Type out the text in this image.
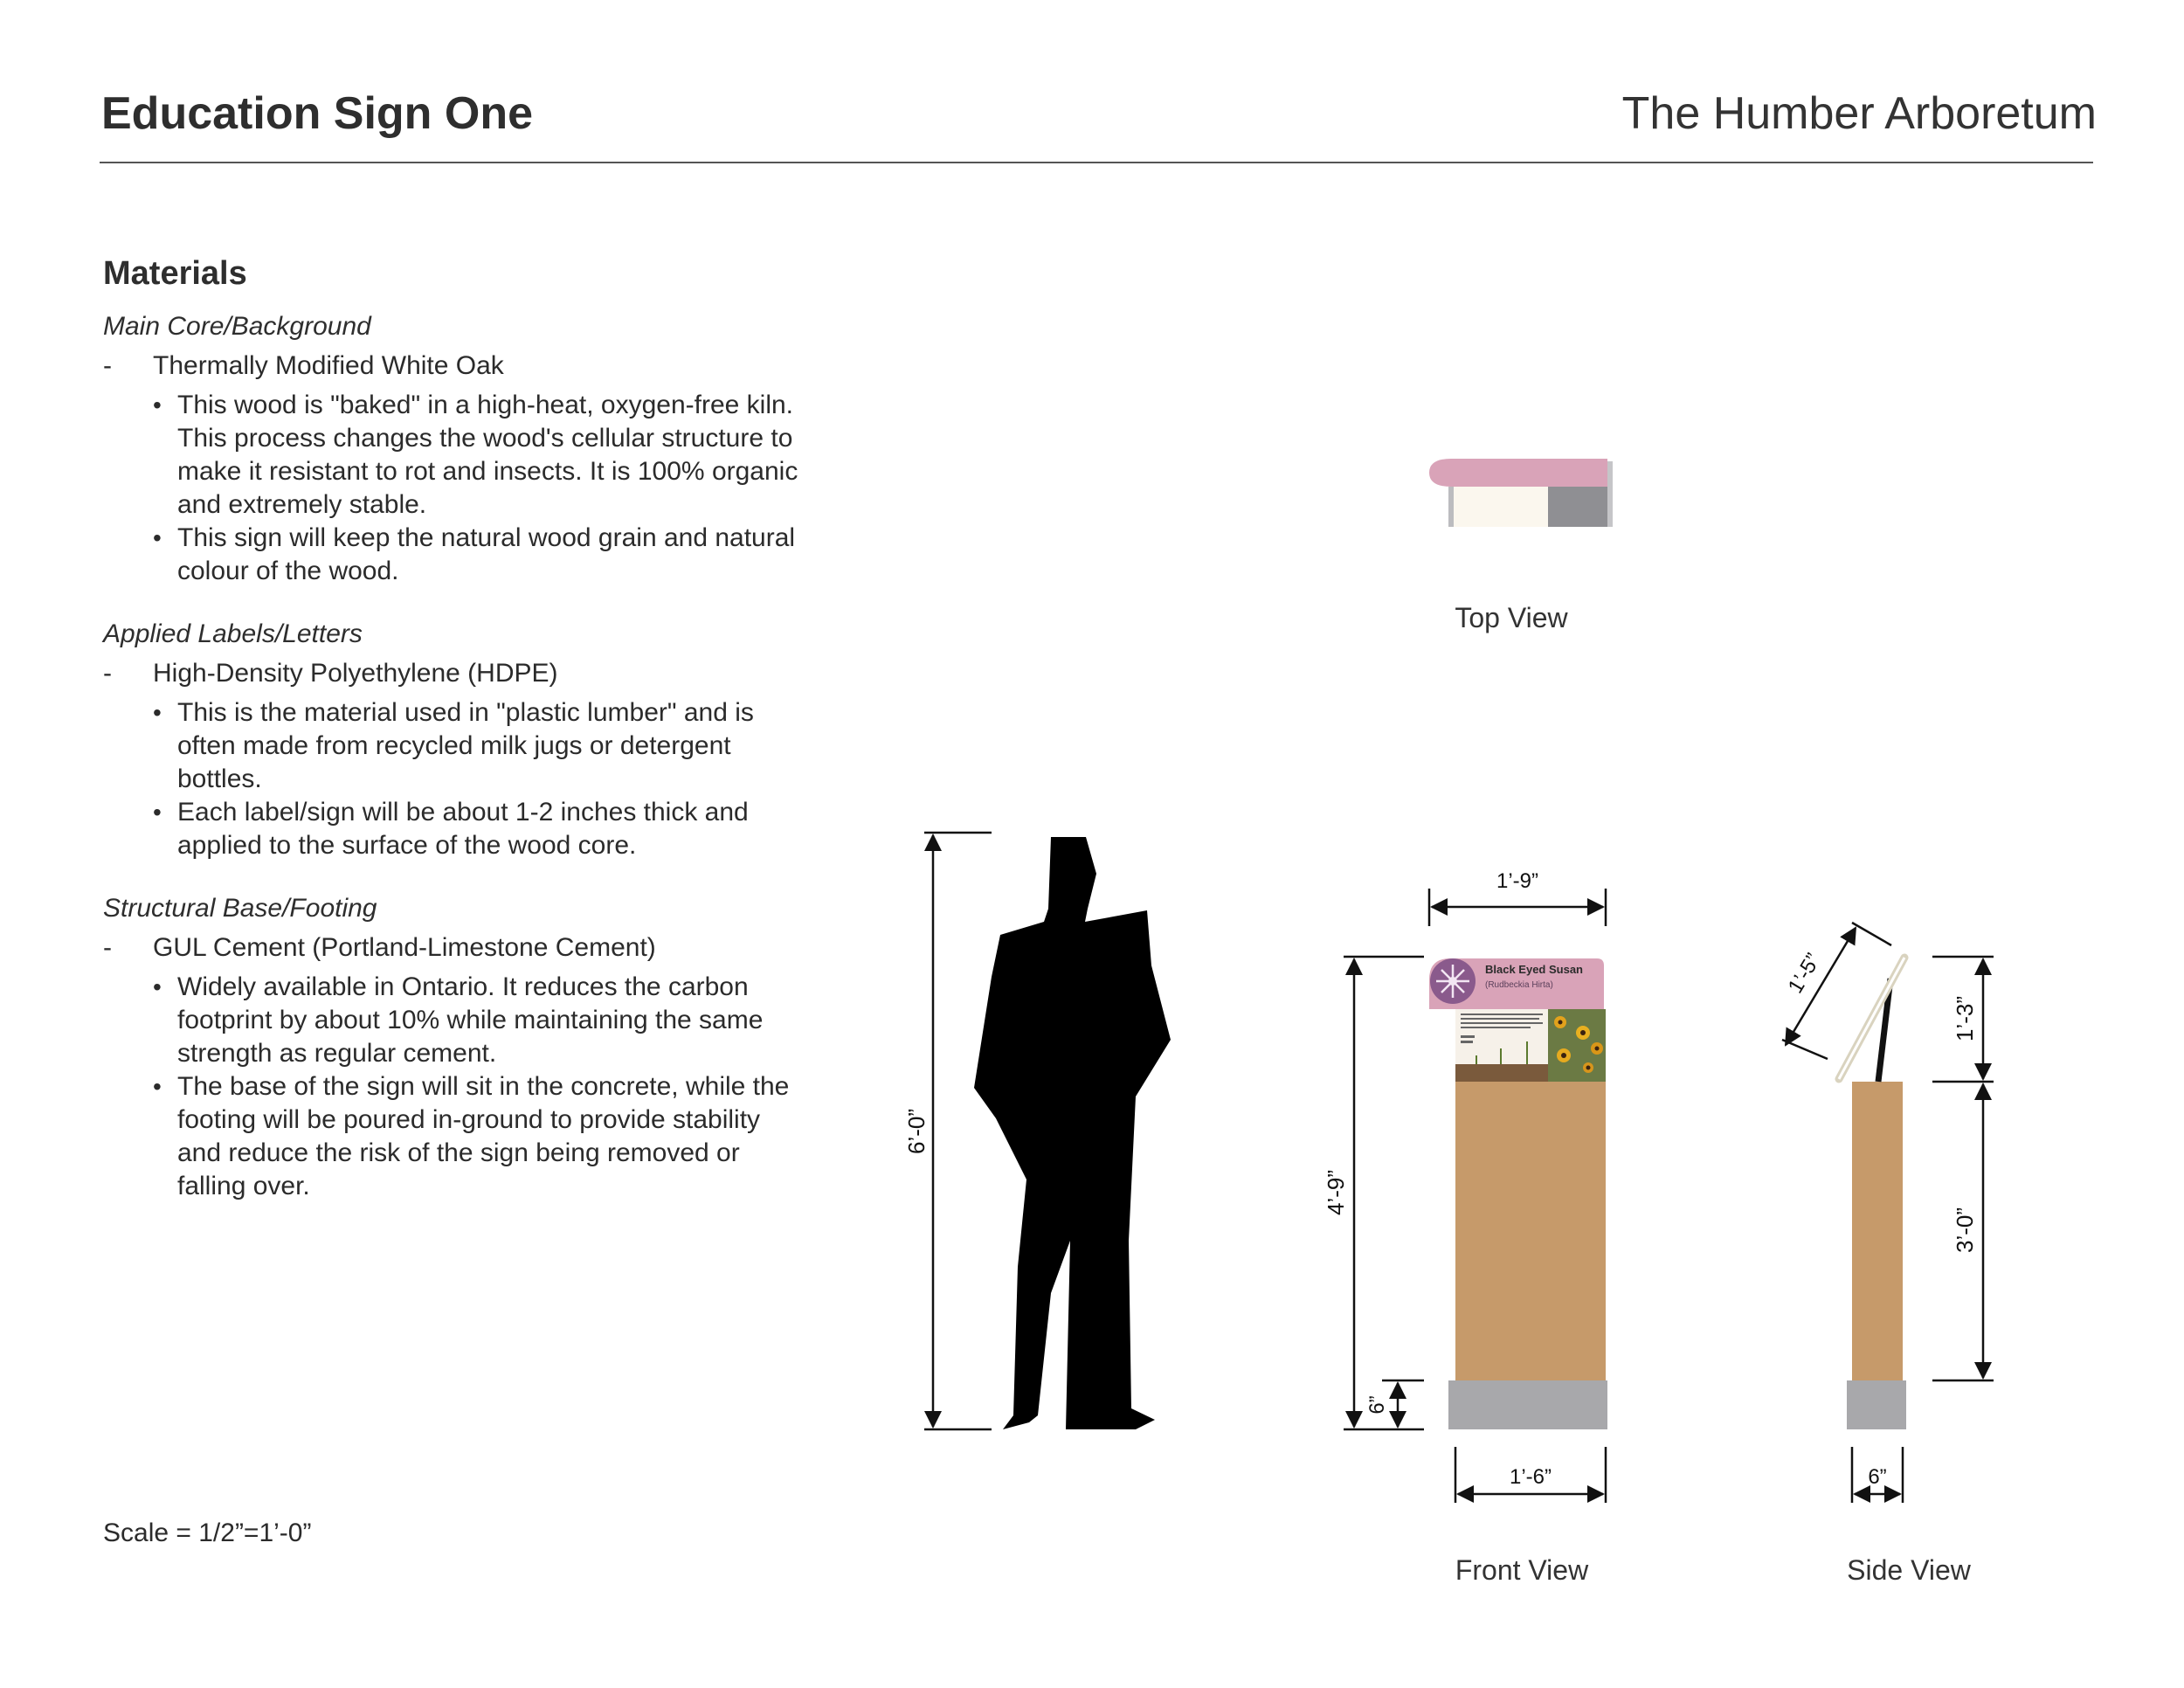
Education Sign One	The Humber Arboretum
Materials
Main Core/Background
- Thermally Modified White Oak
• This wood is "baked" in a high-heat, oxygen-free kiln. This process changes the wood's cellular structure to make it resistant to rot and insects. It is 100% organic and extremely stable.
• This sign will keep the natural wood grain and natural colour of the wood.
Applied Labels/Letters
- High-Density Polyethylene (HDPE)
• This is the material used in "plastic lumber" and is often made from recycled milk jugs or detergent bottles.
• Each label/sign will be about 1-2 inches thick and applied to the surface of the wood core.
Structural Base/Footing
- GUL Cement (Portland-Limestone Cement)
• Widely available in Ontario. It reduces the carbon footprint by about 10% while maintaining the same strength as regular cement.
• The base of the sign will sit in the concrete, while the footing will be poured in-ground to provide stability and reduce the risk of the sign being removed or falling over.
Scale = 1/2”=1’-0”
6’-0”
Black Eyed Susan
(Rudbeckia Hirta)
1’-9”
4’-9”
6”
1’-6”
1’-5”
1’-3”
3’-0”
6”
Top View
Front View	Side View
